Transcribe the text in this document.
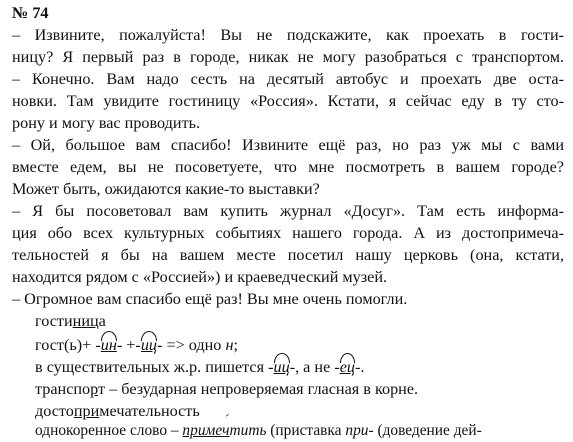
№ 74
– Извините, пожалуйста! Вы не подскажите, как проехать в гости-
ницу? Я первый раз в городе, никак не могу разобраться с транспортом.
– Конечно. Вам надо сесть на десятый автобус и проехать две оста-
новки. Там увидите гостиницу «Россия». Кстати, я сейчас еду в ту сто-
рону и могу вас проводить.
– Ой, большое вам спасибо! Извините ещё раз, но раз уж мы с вами
вместе едем, вы не посоветуете, что мне посмотреть в вашем городе?
Может быть, ожидаются какие-то выставки?
– Я бы посоветовал вам купить журнал «Досуг». Там есть информа-
ция обо всех культурных событиях нашего города. А из достопримеча-
тельностей я бы на вашем месте посетил нашу церковь (она, кстати,
находится рядом с «Россией») и краеведческий музей.
– Огромное вам спасибо ещё раз! Вы мне очень помогли.
гостиница
гост(ь)+ -ин- +-иц- => одно н;
в существительных ж.р. пишется -иц-, а не -ец-.
транспорт – безударная непроверяемая гласная в корне.
достопримечательность
однокоренное слово – примеч ´тить (приставка при- (доведение дей-
